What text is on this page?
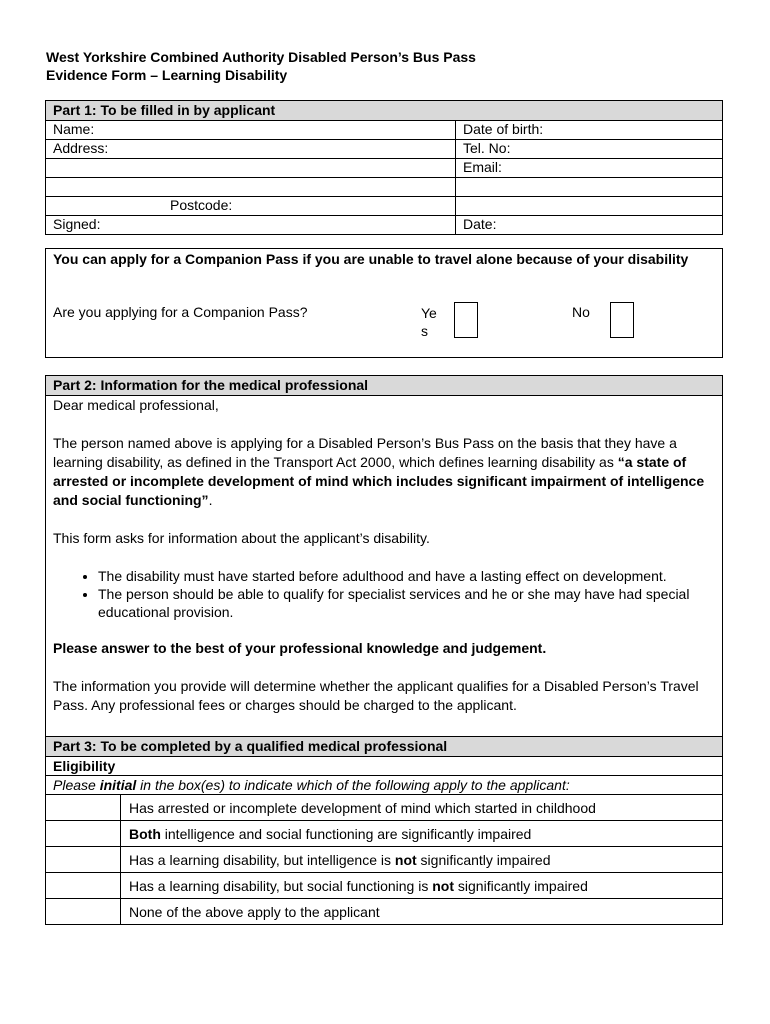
West Yorkshire Combined Authority Disabled Person’s Bus Pass
Evidence Form – Learning Disability
Part 1: To be filled in by applicant
Name:	Date of birth:
Address:	Tel. No:
	Email:

Postcode:	
Signed:	Date:

You can apply for a Companion Pass if you are unable to travel alone because of your disability

Are you applying for a Companion Pass?	Ye s
No
Part 2: Information for the medical professional

Dear medical professional,

The person named above is applying for a Disabled Person’s Bus Pass on the basis that they have a learning disability, as defined in the Transport Act 2000, which defines learning disability as “a state of arrested or incomplete development of mind which includes significant impairment of intelligence and social functioning”.

This form asks for information about the applicant’s disability.

• The disability must have started before adulthood and have a lasting effect on development.
• The person should be able to qualify for specialist services and he or she may have had special educational provision.

Please answer to the best of your professional knowledge and judgement.

The information you provide will determine whether the applicant qualifies for a Disabled Person’s Travel Pass. Any professional fees or charges should be charged to the applicant.

Part 3: To be completed by a qualified medical professional
Eligibility
Please initial in the box(es) to indicate which of the following apply to the applicant:
	Has arrested or incomplete development of mind which started in childhood
	Both intelligence and social functioning are significantly impaired
	Has a learning disability, but intelligence is not significantly impaired
	Has a learning disability, but social functioning is not significantly impaired
	None of the above apply to the applicant
